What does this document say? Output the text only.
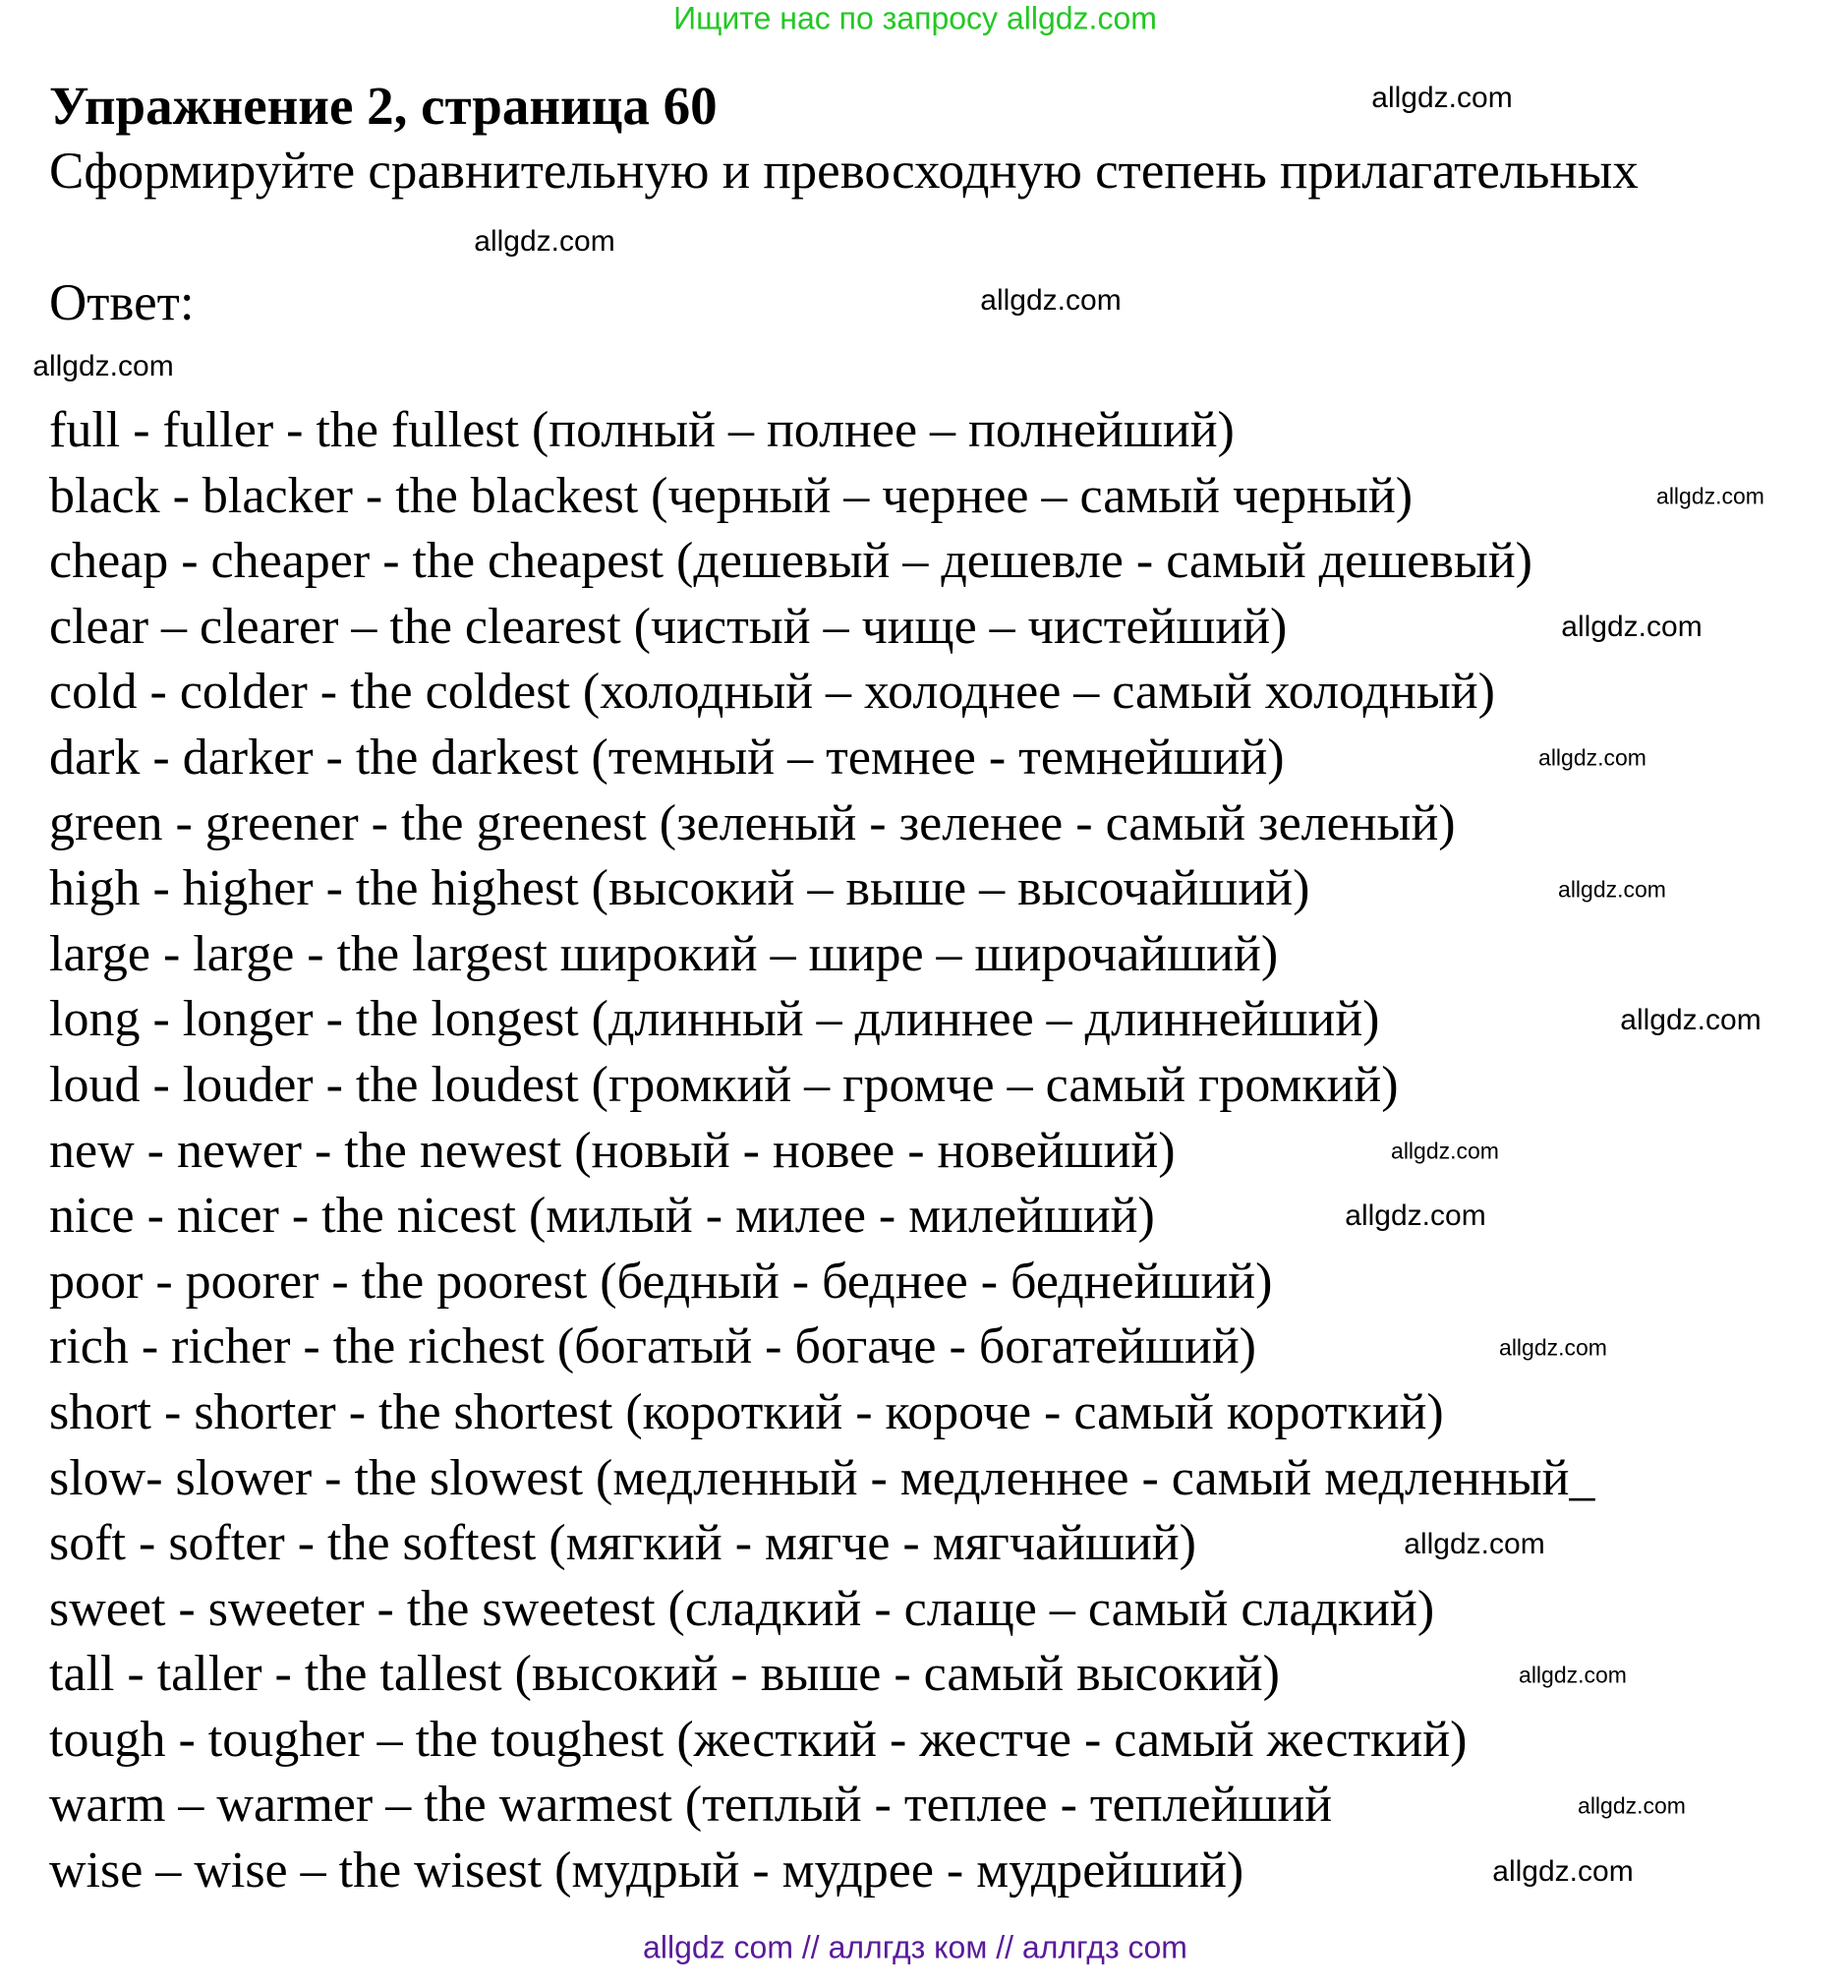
Ищите нас по запросу allgdz.com
Упражнение 2, страница 60
Сформируйте сравнительную и превосходную степень прилагательных
Ответ:
full - fuller - the fullest (полный – полнее – полнейший)
black - blacker - the blackest (черный – чернее – самый черный)
cheap - cheaper - the cheapest (дешевый – дешевле - самый дешевый)
clear – clearer – the clearest (чистый – чище – чистейший)
cold - colder - the coldest (холодный – холоднее – самый холодный)
dark - darker - the darkest (темный – темнее - темнейший)
green - greener - the greenest (зеленый - зеленее - самый зеленый)
high - higher - the highest (высокий – выше – высочайший)
large - large - the largest широкий – шире – широчайший)
long - longer - the longest (длинный – длиннее – длиннейший)
loud - louder - the loudest (громкий – громче – самый громкий)
new - newer - the newest (новый - новее - новейший)
nice - nicer - the nicest (милый - милее - милейший)
poor - poorer - the poorest (бедный - беднее - беднейший)
rich - richer - the richest (богатый - богаче - богатейший)
short - shorter - the shortest (короткий - короче - самый короткий)
slow- slower - the slowest (медленный - медленнее - самый медленный_
soft - softer - the softest (мягкий - мягче - мягчайший)
sweet - sweeter - the sweetest (сладкий - слаще – самый сладкий)
tall - taller - the tallest (высокий - выше - самый высокий)
tough - tougher – the toughest (жесткий - жестче - самый жесткий)
warm – warmer – the warmest (теплый - теплее - теплейший
wise – wise – the wisest (мудрый - мудрее - мудрейший)
allgdz.com
allgdz.com
allgdz.com
allgdz.com
allgdz.com
allgdz.com
allgdz.com
allgdz.com
allgdz.com
allgdz.com
allgdz.com
allgdz.com
allgdz.com
allgdz.com
allgdz.com
allgdz.com
allgdz com // аллгдз ком // аллгдз com
